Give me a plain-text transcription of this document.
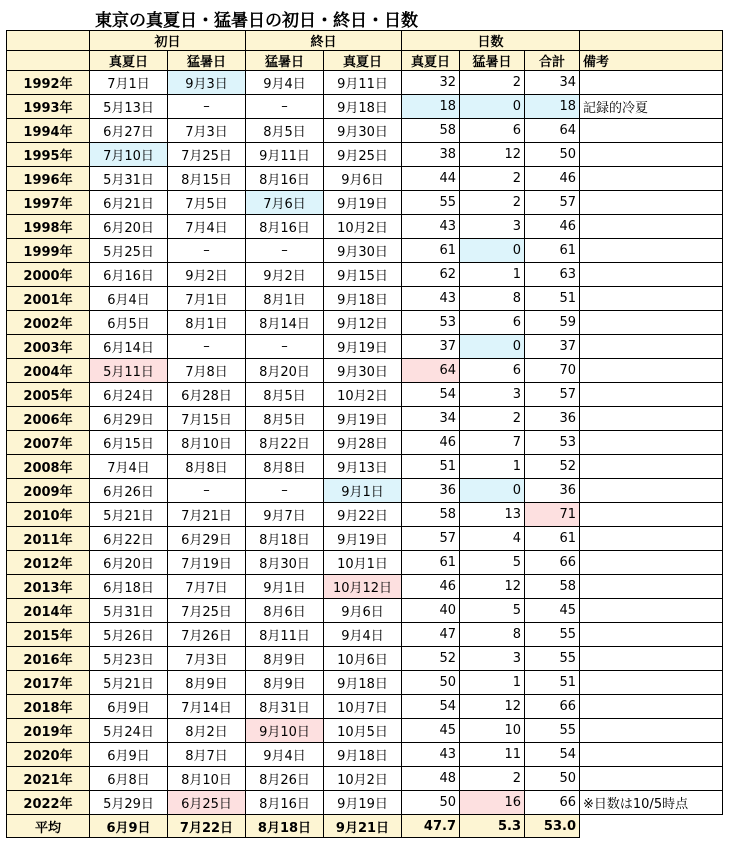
東京の真夏日・猛暑日の初日・終日・日数
	初日		終日		日数			
	真夏日	猛暑日	猛暑日	真夏日	真夏日	猛暑日	合計	備考
1992年	7月1日	9月3日	9月4日	9月11日	32	2	34	
1993年	5月13日	–	–	9月18日	18	0	18	記録的冷夏
1994年	6月27日	7月3日	8月5日	9月30日	58	6	64	
1995年	7月10日	7月25日	9月11日	9月25日	38	12	50	
1996年	5月31日	8月15日	8月16日	9月6日	44	2	46	
1997年	6月21日	7月5日	7月6日	9月19日	55	2	57	
1998年	6月20日	7月4日	8月16日	10月2日	43	3	46	
1999年	5月25日	–	–	9月30日	61	0	61	
2000年	6月16日	9月2日	9月2日	9月15日	62	1	63	
2001年	6月4日	7月1日	8月1日	9月18日	43	8	51	
2002年	6月5日	8月1日	8月14日	9月12日	53	6	59	
2003年	6月14日	–	–	9月19日	37	0	37	
2004年	5月11日	7月8日	8月20日	9月30日	64	6	70	
2005年	6月24日	6月28日	8月5日	10月2日	54	3	57	
2006年	6月29日	7月15日	8月5日	9月19日	34	2	36	
2007年	6月15日	8月10日	8月22日	9月28日	46	7	53	
2008年	7月4日	8月8日	8月8日	9月13日	51	1	52	
2009年	6月26日	–	–	9月1日	36	0	36	
2010年	5月21日	7月21日	9月7日	9月22日	58	13	71	
2011年	6月22日	6月29日	8月18日	9月19日	57	4	61	
2012年	6月20日	7月19日	8月30日	10月1日	61	5	66	
2013年	6月18日	7月7日	9月1日	10月12日	46	12	58	
2014年	5月31日	7月25日	8月6日	9月6日	40	5	45	
2015年	5月26日	7月26日	8月11日	9月4日	47	8	55	
2016年	5月23日	7月3日	8月9日	10月6日	52	3	55	
2017年	5月21日	8月9日	8月9日	9月18日	50	1	51	
2018年	6月9日	7月14日	8月31日	10月7日	54	12	66	
2019年	5月24日	8月2日	9月10日	10月5日	45	10	55	
2020年	6月9日	8月7日	9月4日	9月18日	43	11	54	
2021年	6月8日	8月10日	8月26日	10月2日	48	2	50	
2022年	5月29日	6月25日	8月16日	9月19日	50	16	66	※日数は10/5時点
平均	6月9日	7月22日	8月18日	9月21日	47.7	5.3	53.0	
